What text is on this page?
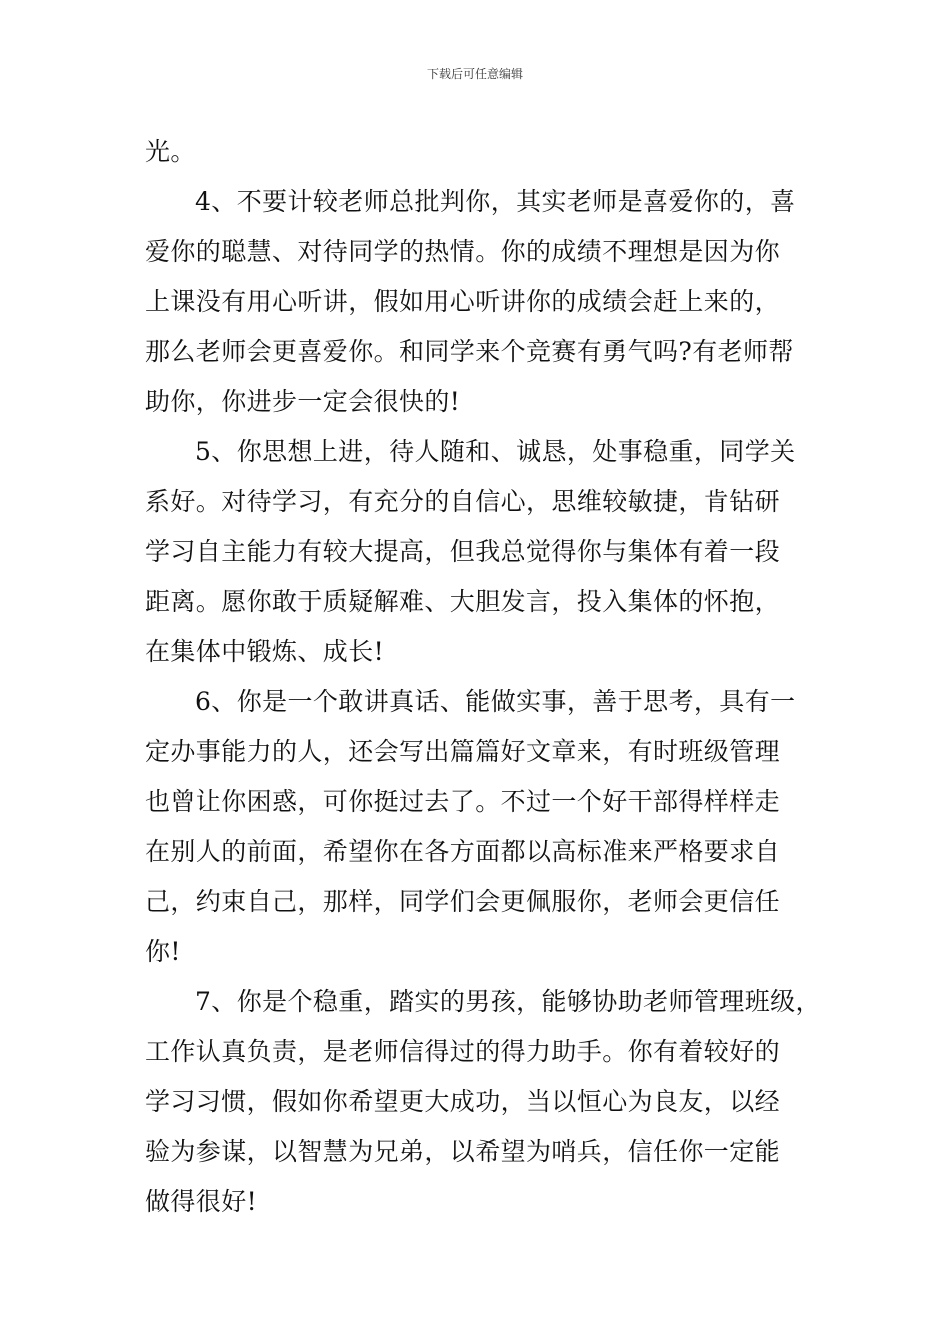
下载后可任意编辑
光。
4、不要计较老师总批判你，其实老师是喜爱你的，喜
爱你的聪慧、对待同学的热情。你的成绩不理想是因为你
上课没有用心听讲，假如用心听讲你的成绩会赶上来的，
那么老师会更喜爱你。和同学来个竞赛有勇气吗?有老师帮
助你，你进步一定会很快的!
5、你思想上进，待人随和、诚恳，处事稳重，同学关
系好。对待学习，有充分的自信心，思维较敏捷，肯钻研
学习自主能力有较大提高，但我总觉得你与集体有着一段
距离。愿你敢于质疑解难、大胆发言，投入集体的怀抱，
在集体中锻炼、成长!
6、你是一个敢讲真话、能做实事，善于思考，具有一
定办事能力的人，还会写出篇篇好文章来，有时班级管理
也曾让你困惑，可你挺过去了。不过一个好干部得样样走
在别人的前面，希望你在各方面都以高标准来严格要求自
己，约束自己，那样，同学们会更佩服你，老师会更信任
你!
7、你是个稳重，踏实的男孩，能够协助老师管理班级，
工作认真负责，是老师信得过的得力助手。你有着较好的
学习习惯，假如你希望更大成功，当以恒心为良友，以经
验为参谋，以智慧为兄弟，以希望为哨兵，信任你一定能
做得很好!
